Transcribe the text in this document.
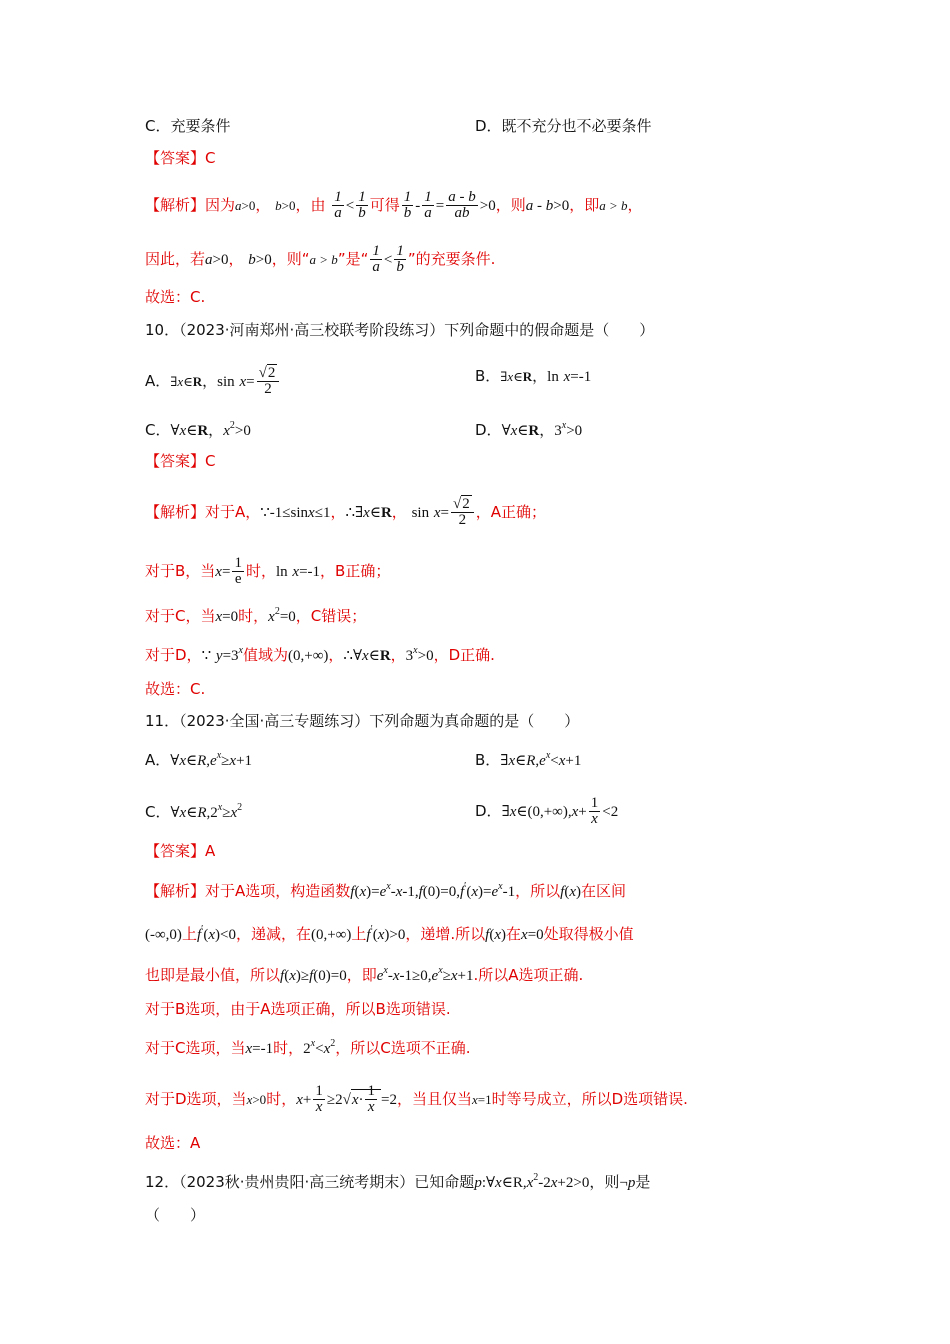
C．充要条件	D．既不充分也不必要条件
【答案】C
【解析】因为a>0， b>0，由 $\frac{1}{a} < \frac{1}{b}$ 可得 $\frac{1}{b} - \frac{1}{a} = \frac{a - b}{ab} >0$，则a - b>0，即a > b，
因此，若a>0， b>0，则“a > b”是“ $\frac{1}{a} < \frac{1}{b}$ ”的充要条件.
故选：C.
10．（2023·河南郑州·高三校联考阶段练习）下列命题中的假命题是（　　）
A．∃x∈R，$\sin x= \frac{√2}{2}$	B．∃x∈R，ln x=-1
C．∀x∈R，$x^2>0$	D．∀x∈R，$3^x>0$
【答案】C
【解析】对于A，∵-1≤sinx≤1，∴∃x∈R， $\sin x= \frac{√2}{2}$ ，A正确；
对于B，当$x= \frac{1}{e}$ 时，ln x=-1，B正确；
对于C，当x=0时，$x^2=0$，C错误；
对于D，∵ $y=3^x$值域为(0,+∞)，∴∀x∈R，$3^x>0$，D正确.
故选：C.
11．（2023·全国·高三专题练习）下列命题为真命题的是（　　）
A．$\forall x\in R,e^x\ge x+1$	B．$\exists x\in R,e^x<x+1$
C．$\forall x\in R,2^x\ge x^2$	D．∃x∈(0,+∞),x+ $\frac{1}{x} <2$
【答案】A
【解析】对于A选项，构造函数$f(x)=e^x-x-1,f(0)=0,f'(x)=e^x-1$，所以f(x)在区间
(-∞,0)上f′(x)<0，递减，在(0,+∞)上f′(x)>0，递增.所以f(x)在x=0处取得极小值
也即是最小值，所以f(x)≥f(0)=0，即$e^x-x-1\ge 0,e^x\ge x+1$.所以A选项正确.
对于B选项，由于A选项正确，所以B选项错误.
对于C选项，当x=-1时，$2^x<x^2$，所以C选项不正确.
对于D选项，当x>0时，$x+ \frac{1}{x} \ge 2√x\cdot \frac{1}{x} =2$，当且仅当x=1时等号成立，所以D选项错误.
故选：A
12．（2023秋·贵州贵阳·高三统考期末）已知命题$p:\forall x\in R,x^2-2x+2>0$，则¬p是
（　　）
